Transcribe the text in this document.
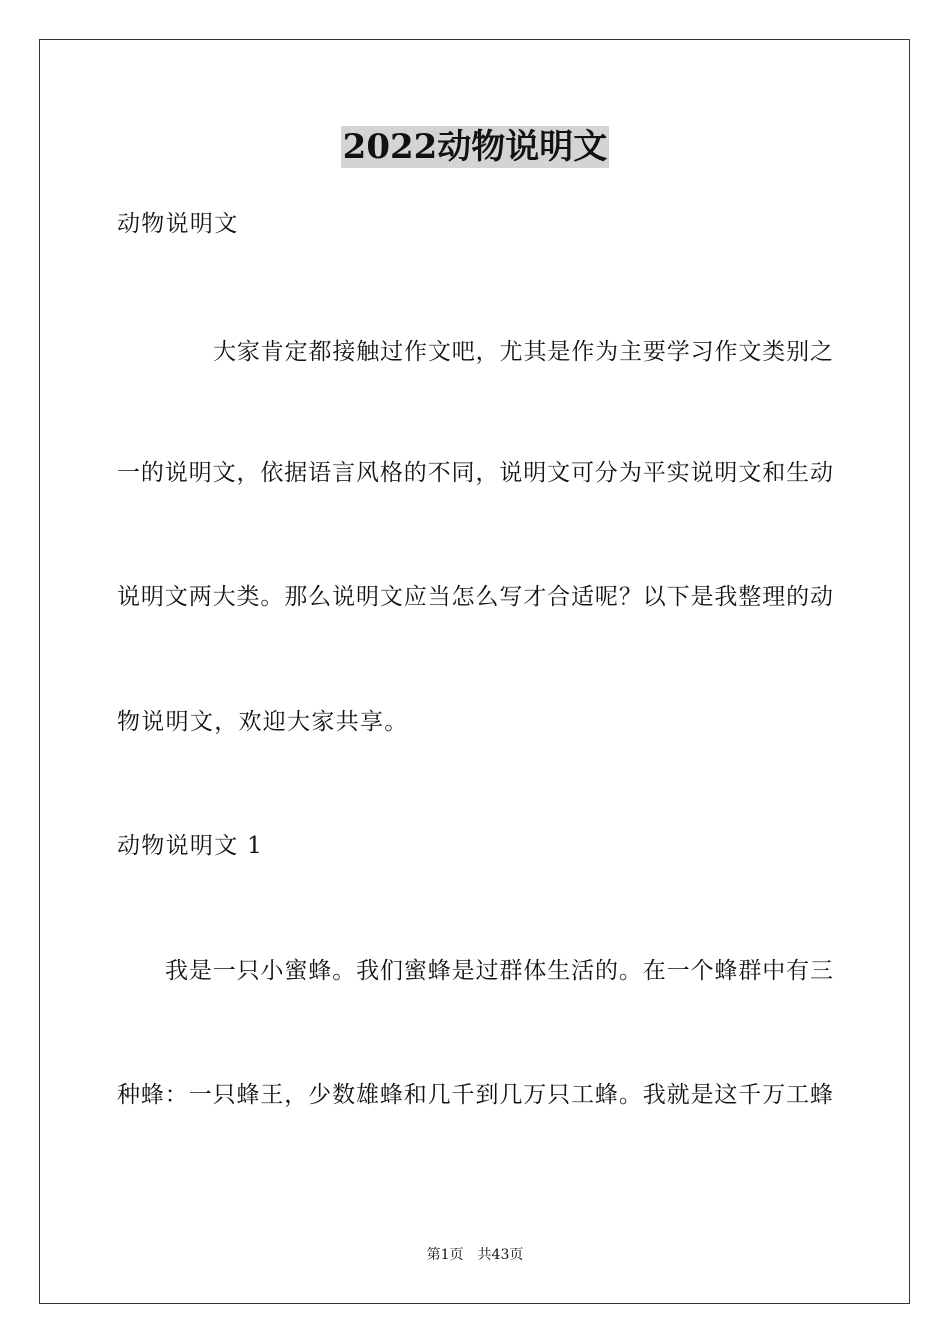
2022动物说明文

动物说明文

大家肯定都接触过作文吧，尤其是作为主要学习作文类别之

一的说明文，依据语言风格的不同，说明文可分为平实说明文和生动

说明文两大类。那么说明文应当怎么写才合适呢？以下是我整理的动

物说明文，欢迎大家共享。

动物说明文 1

我是一只小蜜蜂。我们蜜蜂是过群体生活的。在一个蜂群中有三

种蜂：一只蜂王，少数雄蜂和几千到几万只工蜂。我就是这千万工蜂

第1页 共43页
